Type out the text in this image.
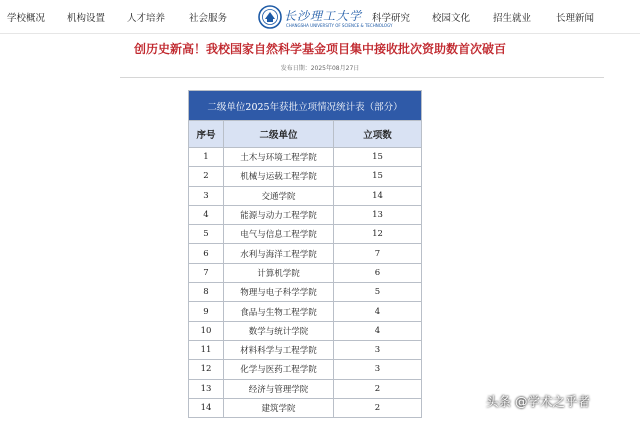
学校概况 机构设置 人才培养	社会服务	长沙理工大学
CHANGSHA UNIVERSITY OF SCIENCE & TECHNOLOGY
科学研究 校园文化 招生就业	长理新闻
创历史新高！我校国家自然科学基金项目集中接收批次资助数首次破百
发布日期：2025年08月27日
二级单位2025年获批立项情况统计表（部分）		
序号	二级单位	立项数
1	土木与环境工程学院	15
2	机械与运载工程学院	15
3	交通学院	14
4	能源与动力工程学院	13
5	电气与信息工程学院	12
6	水利与海洋工程学院	7
7	计算机学院	6
8	物理与电子科学学院	5
9	食品与生物工程学院	4
10	数学与统计学院	4
11	材料科学与工程学院	3
12	化学与医药工程学院	3
13	经济与管理学院	2
14	建筑学院	2	头条 @学术之乎者
